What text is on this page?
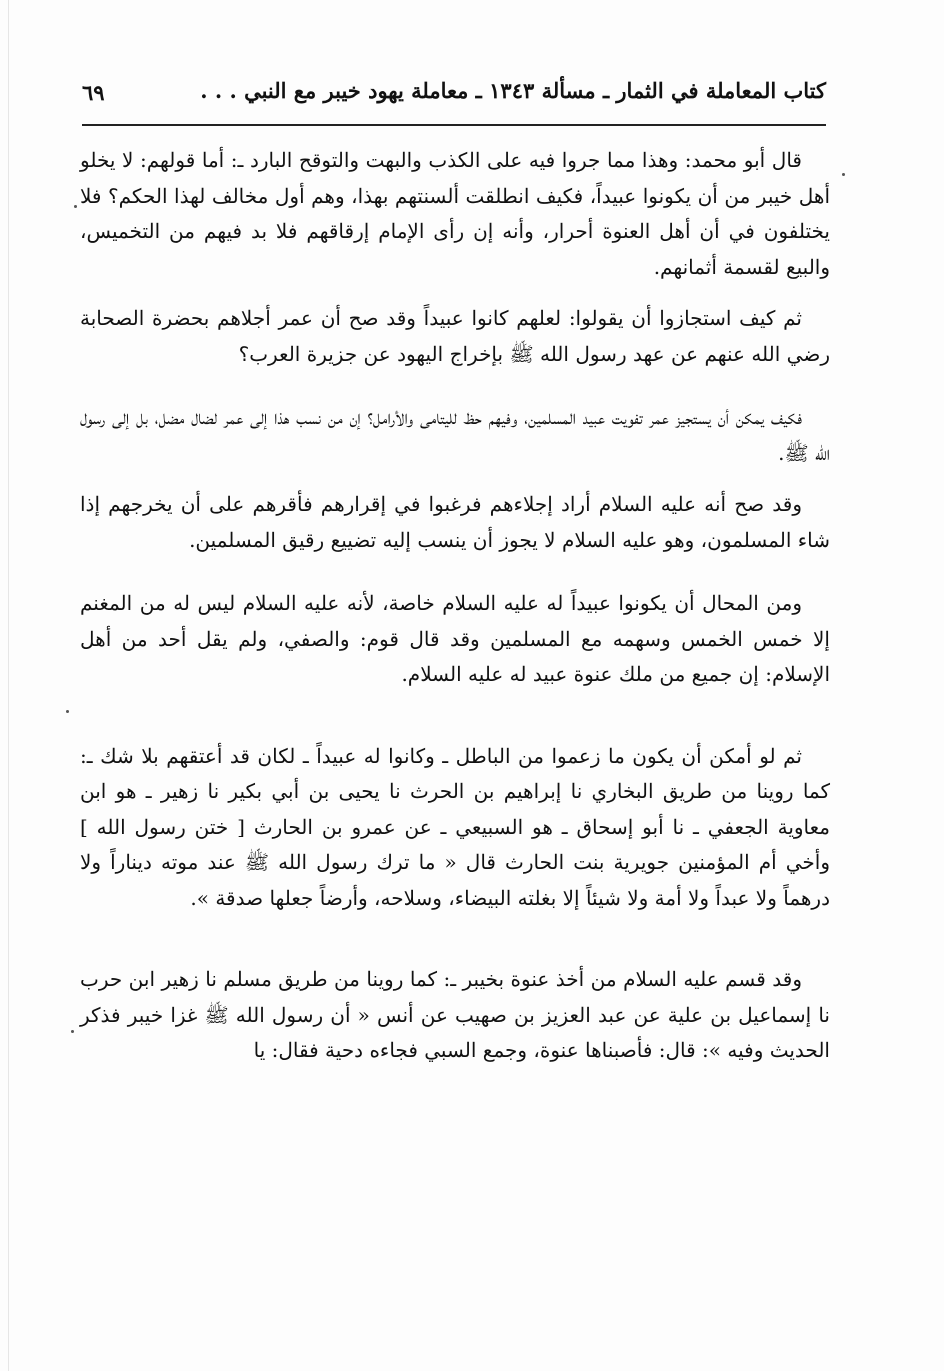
كتاب المعاملة في الثمار ـ مسألة ١٣٤٣ ـ معاملة يهود خيبر مع النبي . . .
٦٩

قال أبو محمد: وهذا مما جروا فيه على الكذب والبهت والتوقح البارد ـ: أما قولهم: لا يخلو أهل خيبر من أن يكونوا عبيداً، فكيف انطلقت ألسنتهم بهذا، وهم أول مخالف لهذا الحكم؟ فلا يختلفون في أن أهل العنوة أحرار، وأنه إن رأى الإمام إرقاقهم فلا بد فيهم من التخميس، والبيع لقسمة أثمانهم.

ثم كيف استجازوا أن يقولوا: لعلهم كانوا عبيداً وقد صح أن عمر أجلاهم بحضرة الصحابة رضي الله عنهم عن عهد رسول الله ﷺ بإخراج اليهود عن جزيرة العرب؟

فكيف يمكن أن يستجيز عمر تفويت عبيد المسلمين، وفيهم حظ لليتامى والأرامل؟ إن من نسب هذا إلى عمر لضال مضل، بل إلى رسول الله ﷺ.

وقد صح أنه عليه السلام أراد إجلاءهم فرغبوا في إقرارهم فأقرهم على أن يخرجهم إذا شاء المسلمون، وهو عليه السلام لا يجوز أن ينسب إليه تضييع رقيق المسلمين.

ومن المحال أن يكونوا عبيداً له عليه السلام خاصة، لأنه عليه السلام ليس له من المغنم إلا خمس الخمس وسهمه مع المسلمين وقد قال قوم: والصفي، ولم يقل أحد من أهل الإسلام: إن جميع من ملك عنوة عبيد له عليه السلام.

ثم لو أمكن أن يكون ما زعموا من الباطل ـ وكانوا له عبيداً ـ لكان قد أعتقهم بلا شك ـ: كما روينا من طريق البخاري نا إبراهيم بن الحرث نا يحيى بن أبي بكير نا زهير ـ هو ابن معاوية الجعفي ـ نا أبو إسحاق ـ هو السبيعي ـ عن عمرو بن الحارث [ ختن رسول الله ] وأخي أم المؤمنين جويرية بنت الحارث قال « ما ترك رسول الله ﷺ عند موته ديناراً ولا درهماً ولا عبداً ولا أمة ولا شيئاً إلا بغلته البيضاء، وسلاحه، وأرضاً جعلها صدقة ».

وقد قسم عليه السلام من أخذ عنوة بخيبر ـ: كما روينا من طريق مسلم نا زهير ابن حرب نا إسماعيل بن علية عن عبد العزيز بن صهيب عن أنس « أن رسول الله ﷺ غزا خيبر فذكر الحديث وفيه »: قال: فأصبناها عنوة، وجمع السبي فجاءه دحية فقال: يا
